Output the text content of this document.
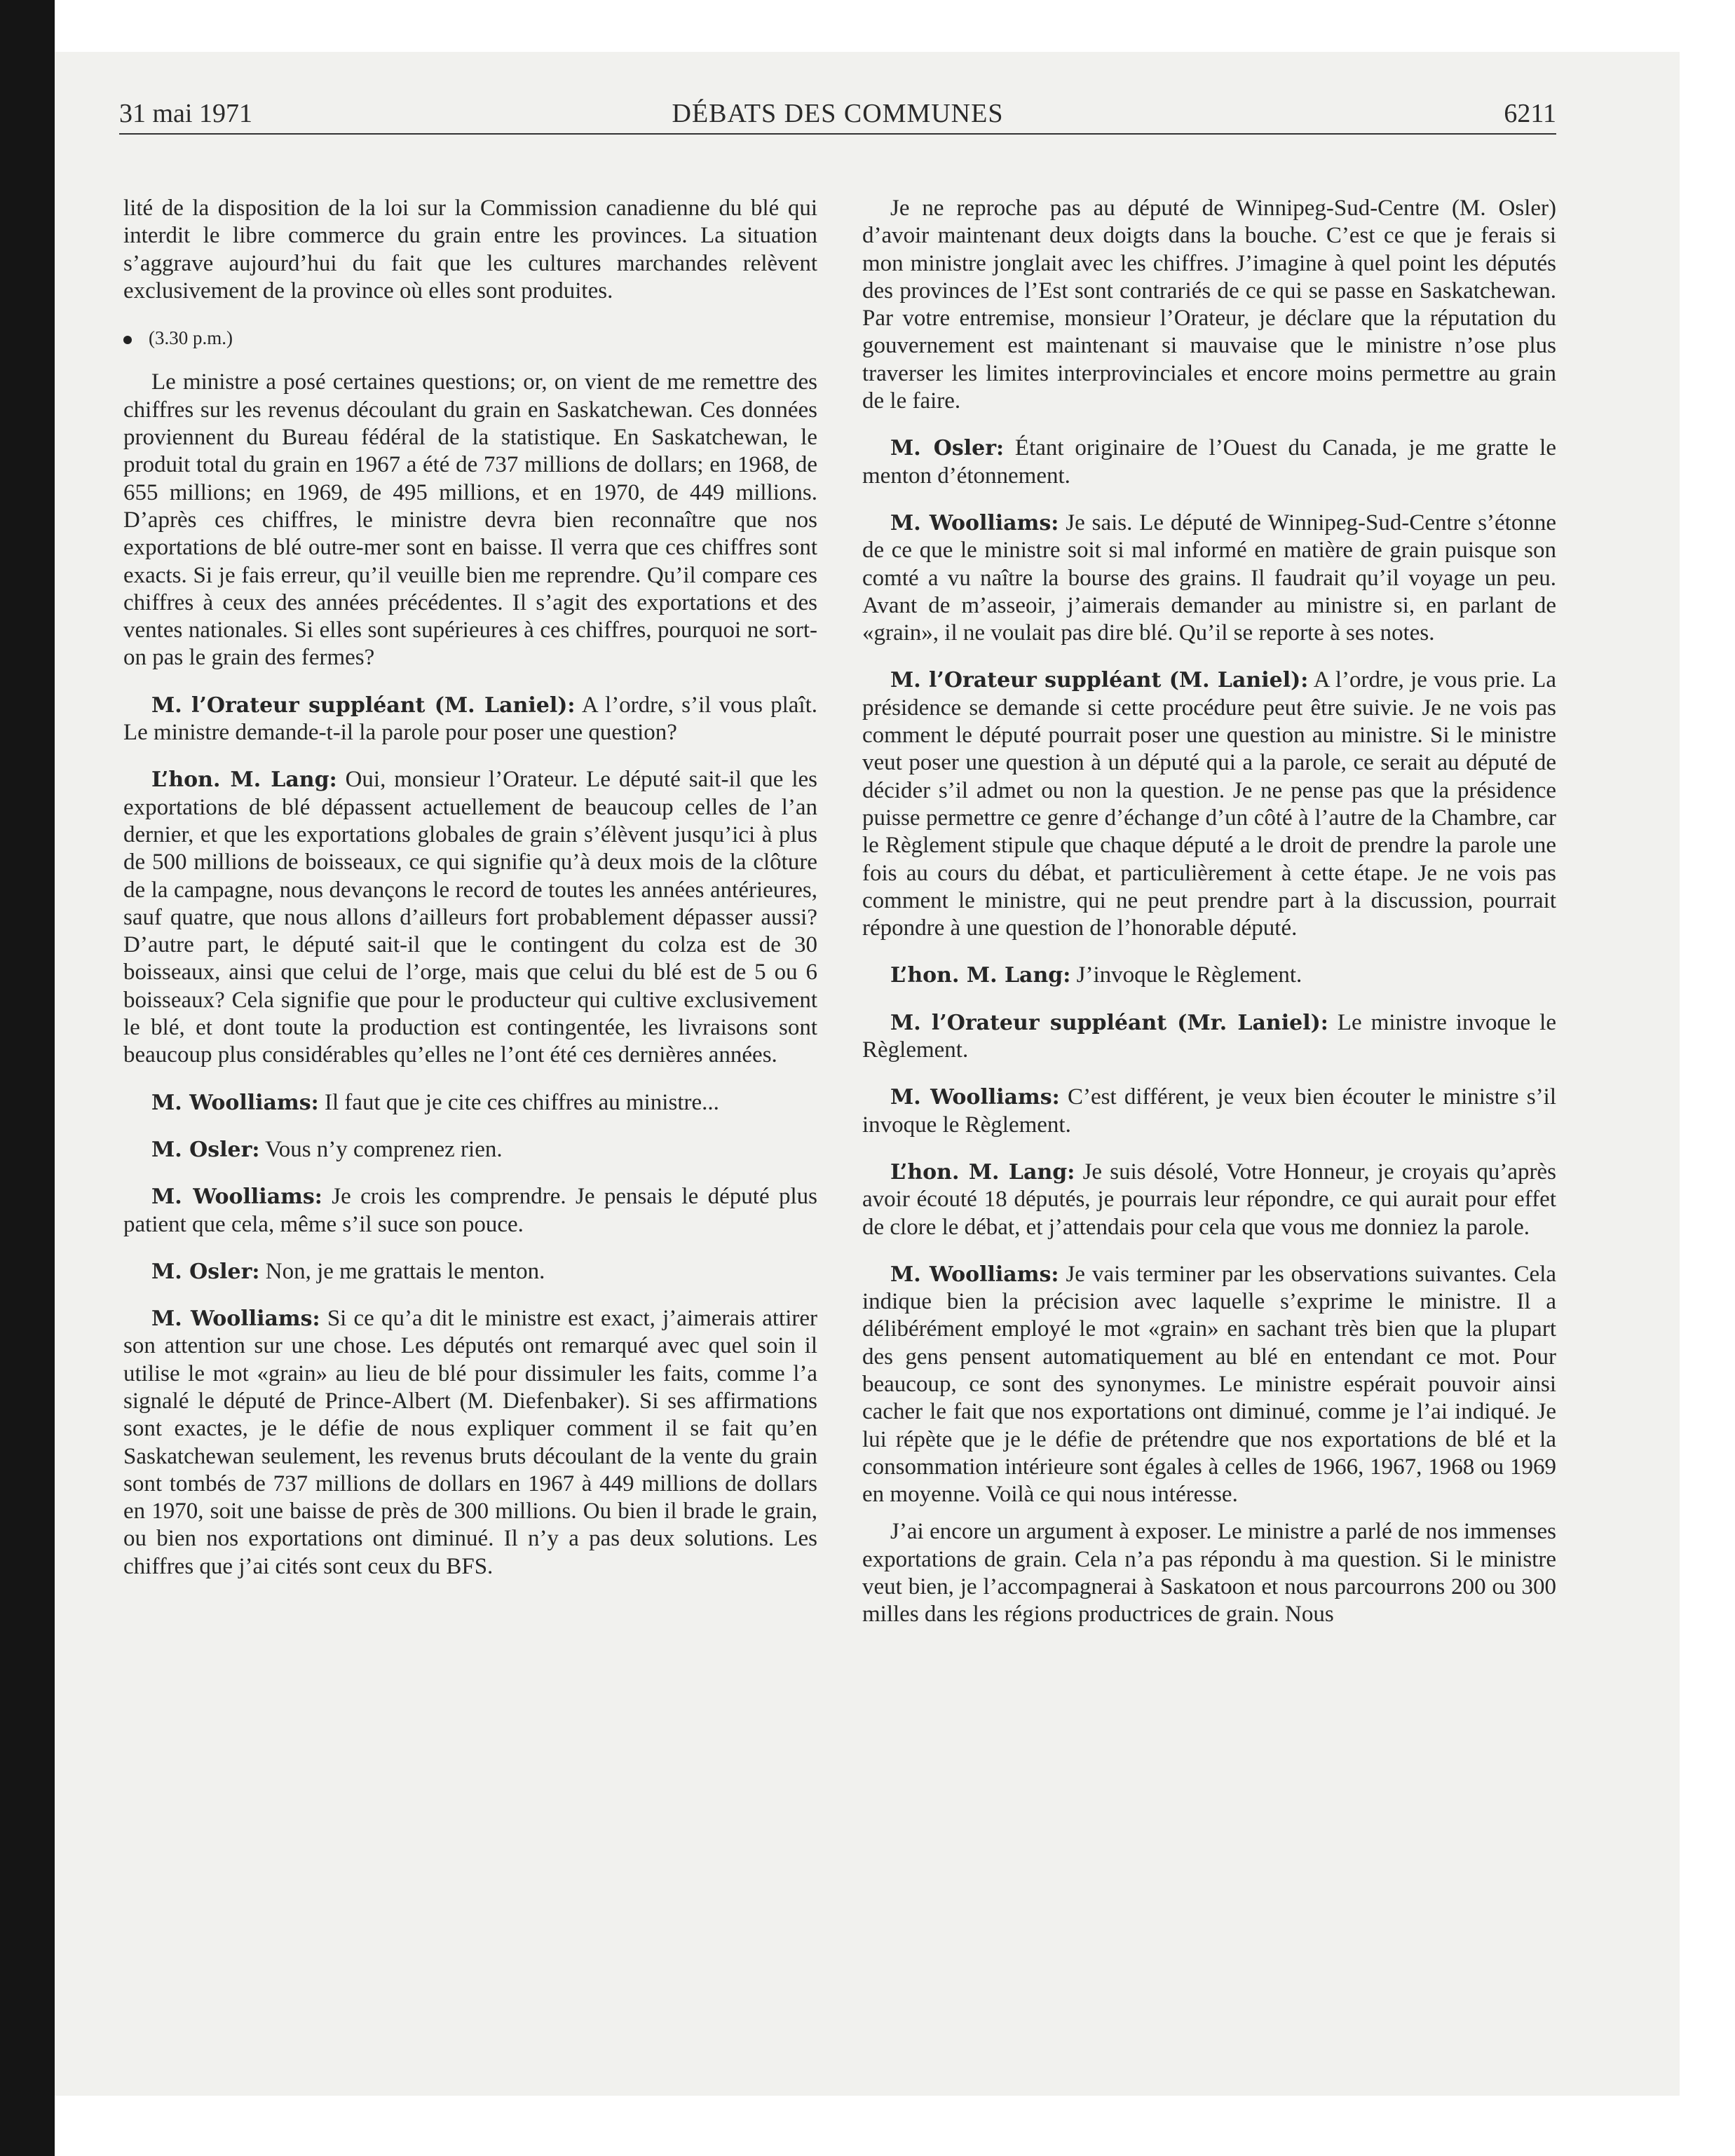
31 mai 1971	DÉBATS DES COMMUNES	6211

lité de la disposition de la loi sur la Commission canadienne du blé qui interdit le libre commerce du grain entre les provinces. La situation s’aggrave aujourd’hui du fait que les cultures marchandes relèvent exclusivement de la province où elles sont produites.

(3.30 p.m.)

Le ministre a posé certaines questions; or, on vient de me remettre des chiffres sur les revenus découlant du grain en Saskatchewan. Ces données proviennent du Bureau fédéral de la statistique. En Saskatchewan, le produit total du grain en 1967 a été de 737 millions de dollars; en 1968, de 655 millions; en 1969, de 495 millions, et en 1970, de 449 millions. D’après ces chiffres, le ministre devra bien reconnaître que nos exportations de blé outre-mer sont en baisse. Il verra que ces chiffres sont exacts. Si je fais erreur, qu’il veuille bien me reprendre. Qu’il compare ces chiffres à ceux des années précédentes. Il s’agit des exportations et des ventes nationales. Si elles sont supérieures à ces chiffres, pourquoi ne sort-on pas le grain des fermes?

M. l’Orateur suppléant (M. Laniel): A l’ordre, s’il vous plaît. Le ministre demande-t-il la parole pour poser une question?

L’hon. M. Lang: Oui, monsieur l’Orateur. Le député sait-il que les exportations de blé dépassent actuellement de beaucoup celles de l’an dernier, et que les exportations globales de grain s’élèvent jusqu’ici à plus de 500 millions de boisseaux, ce qui signifie qu’à deux mois de la clôture de la campagne, nous devançons le record de toutes les années antérieures, sauf quatre, que nous allons d’ailleurs fort probablement dépasser aussi? D’autre part, le député sait-il que le contingent du colza est de 30 boisseaux, ainsi que celui de l’orge, mais que celui du blé est de 5 ou 6 boisseaux? Cela signifie que pour le producteur qui cultive exclusivement le blé, et dont toute la production est contingentée, les livraisons sont beaucoup plus considérables qu’elles ne l’ont été ces dernières années.

M. Woolliams: Il faut que je cite ces chiffres au ministre...

M. Osler: Vous n’y comprenez rien.

M. Woolliams: Je crois les comprendre. Je pensais le député plus patient que cela, même s’il suce son pouce.

M. Osler: Non, je me grattais le menton.

M. Woolliams: Si ce qu’a dit le ministre est exact, j’aimerais attirer son attention sur une chose. Les députés ont remarqué avec quel soin il utilise le mot «grain» au lieu de blé pour dissimuler les faits, comme l’a signalé le député de Prince-Albert (M. Diefenbaker). Si ses affirmations sont exactes, je le défie de nous expliquer comment il se fait qu’en Saskatchewan seulement, les revenus bruts découlant de la vente du grain sont tombés de 737 millions de dollars en 1967 à 449 millions de dollars en 1970, soit une baisse de près de 300 millions. Ou bien il brade le grain, ou bien nos exportations ont diminué. Il n’y a pas deux solutions. Les chiffres que j’ai cités sont ceux du BFS.

Je ne reproche pas au député de Winnipeg-Sud-Centre (M. Osler) d’avoir maintenant deux doigts dans la bouche. C’est ce que je ferais si mon ministre jonglait avec les chiffres. J’imagine à quel point les députés des provinces de l’Est sont contrariés de ce qui se passe en Saskatchewan. Par votre entremise, monsieur l’Orateur, je déclare que la réputation du gouvernement est maintenant si mauvaise que le ministre n’ose plus traverser les limites interprovinciales et encore moins permettre au grain de le faire.

M. Osler: Étant originaire de l’Ouest du Canada, je me gratte le menton d’étonnement.

M. Woolliams: Je sais. Le député de Winnipeg-Sud-Centre s’étonne de ce que le ministre soit si mal informé en matière de grain puisque son comté a vu naître la bourse des grains. Il faudrait qu’il voyage un peu. Avant de m’asseoir, j’aimerais demander au ministre si, en parlant de «grain», il ne voulait pas dire blé. Qu’il se reporte à ses notes.

M. l’Orateur suppléant (M. Laniel): A l’ordre, je vous prie. La présidence se demande si cette procédure peut être suivie. Je ne vois pas comment le député pourrait poser une question au ministre. Si le ministre veut poser une question à un député qui a la parole, ce serait au député de décider s’il admet ou non la question. Je ne pense pas que la présidence puisse permettre ce genre d’échange d’un côté à l’autre de la Chambre, car le Règlement stipule que chaque député a le droit de prendre la parole une fois au cours du débat, et particulièrement à cette étape. Je ne vois pas comment le ministre, qui ne peut prendre part à la discussion, pourrait répondre à une question de l’honorable député.

L’hon. M. Lang: J’invoque le Règlement.

M. l’Orateur suppléant (Mr. Laniel): Le ministre invoque le Règlement.

M. Woolliams: C’est différent, je veux bien écouter le ministre s’il invoque le Règlement.

L’hon. M. Lang: Je suis désolé, Votre Honneur, je croyais qu’après avoir écouté 18 députés, je pourrais leur répondre, ce qui aurait pour effet de clore le débat, et j’attendais pour cela que vous me donniez la parole.

M. Woolliams: Je vais terminer par les observations suivantes. Cela indique bien la précision avec laquelle s’exprime le ministre. Il a délibérément employé le mot «grain» en sachant très bien que la plupart des gens pensent automatiquement au blé en entendant ce mot. Pour beaucoup, ce sont des synonymes. Le ministre espérait pouvoir ainsi cacher le fait que nos exportations ont diminué, comme je l’ai indiqué. Je lui répète que je le défie de prétendre que nos exportations de blé et la consommation intérieure sont égales à celles de 1966, 1967, 1968 ou 1969 en moyenne. Voilà ce qui nous intéresse.

J’ai encore un argument à exposer. Le ministre a parlé de nos immenses exportations de grain. Cela n’a pas répondu à ma question. Si le ministre veut bien, je l’accompagnerai à Saskatoon et nous parcourrons 200 ou 300 milles dans les régions productrices de grain. Nous
